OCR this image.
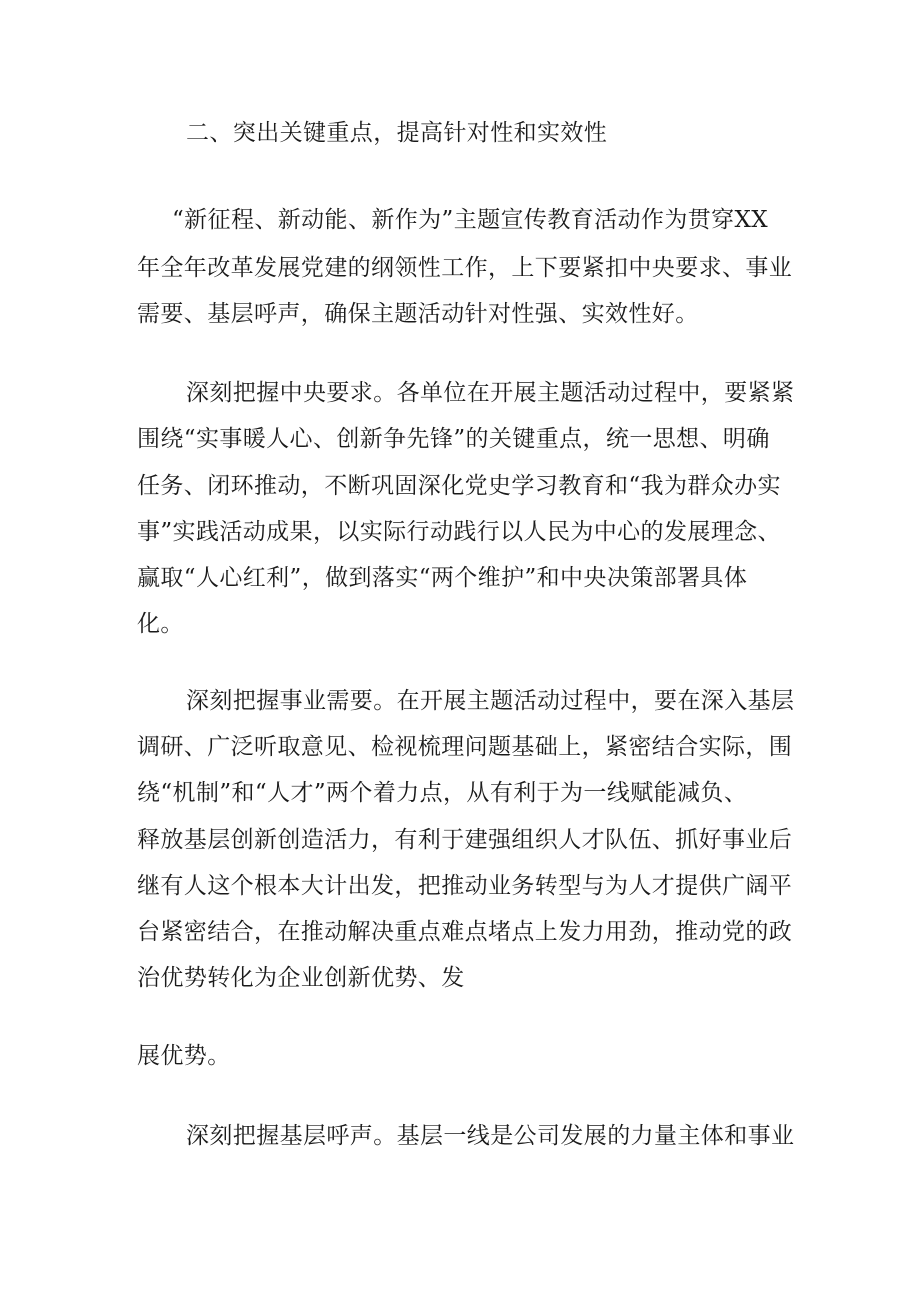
二、突出关键重点，提高针对性和实效性
“新征程、新动能、新作为”主题宣传教育活动作为贯穿XX
年全年改革发展党建的纲领性工作，上下要紧扣中央要求、事业
需要、基层呼声，确保主题活动针对性强、实效性好。
深刻把握中央要求。各单位在开展主题活动过程中，要紧紧
围绕“实事暖人心、创新争先锋”的关键重点，统一思想、明确
任务、闭环推动，不断巩固深化党史学习教育和“我为群众办实
事”实践活动成果，以实际行动践行以人民为中心的发展理念、
赢取“人心红利”，做到落实“两个维护”和中央决策部署具体
化。
深刻把握事业需要。在开展主题活动过程中，要在深入基层
调研、广泛听取意见、检视梳理问题基础上，紧密结合实际，围
绕“机制”和“人才”两个着力点，从有利于为一线赋能减负、
释放基层创新创造活力，有利于建强组织人才队伍、抓好事业后
继有人这个根本大计出发，把推动业务转型与为人才提供广阔平
台紧密结合，在推动解决重点难点堵点上发力用劲，推动党的政
治优势转化为企业创新优势、发
展优势。
深刻把握基层呼声。基层一线是公司发展的力量主体和事业
